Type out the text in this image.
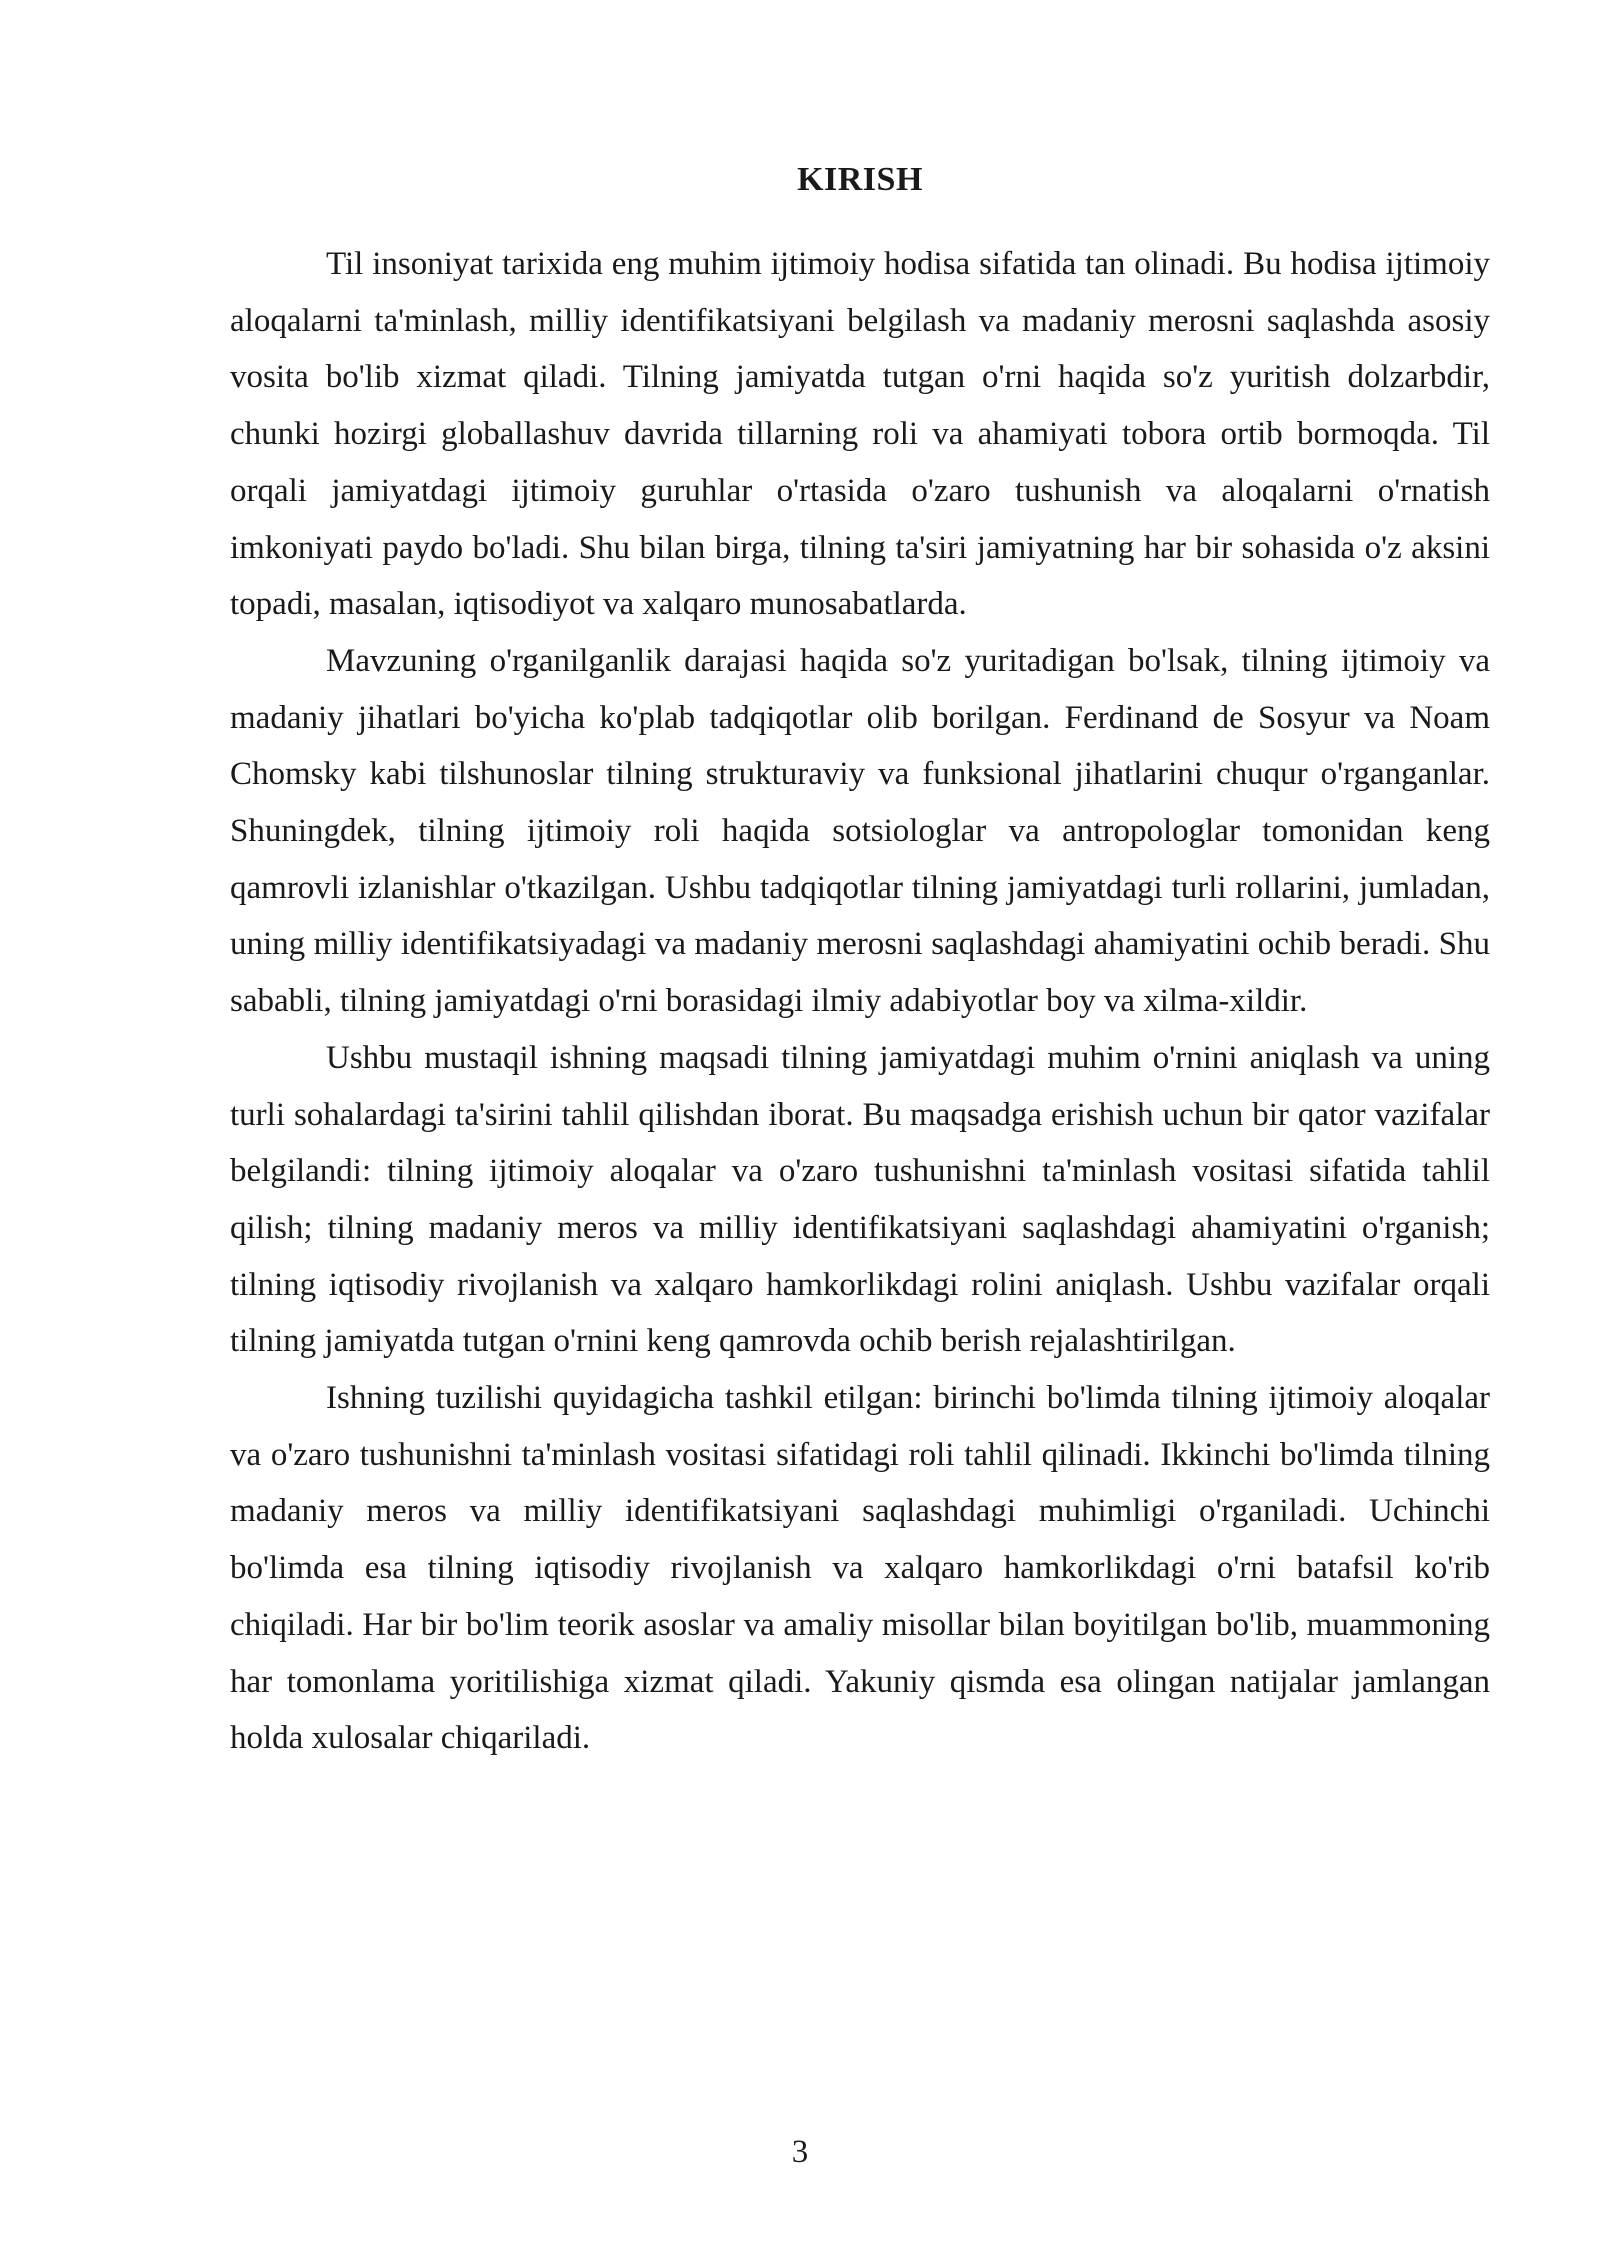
KIRISH

Til insoniyat tarixida eng muhim ijtimoiy hodisa sifatida tan olinadi. Bu hodisa ijtimoiy aloqalarni ta'minlash, milliy identifikatsiyani belgilash va madaniy merosni saqlashda asosiy vosita bo'lib xizmat qiladi. Tilning jamiyatda tutgan o'rni haqida so'z yuritish dolzarbdir, chunki hozirgi globallashuv davrida tillarning roli va ahamiyati tobora ortib bormoqda. Til orqali jamiyatdagi ijtimoiy guruhlar o'rtasida o'zaro tushunish va aloqalarni o'rnatish imkoniyati paydo bo'ladi. Shu bilan birga, tilning ta'siri jamiyatning har bir sohasida o'z aksini topadi, masalan, iqtisodiyot va xalqaro munosabatlarda.

Mavzuning o'rganilganlik darajasi haqida so'z yuritadigan bo'lsak, tilning ijtimoiy va madaniy jihatlari bo'yicha ko'plab tadqiqotlar olib borilgan. Ferdinand de Sosyur va Noam Chomsky kabi tilshunoslar tilning strukturaviy va funksional jihatlarini chuqur o'rganganlar. Shuningdek, tilning ijtimoiy roli haqida sotsiologlar va antropologlar tomonidan keng qamrovli izlanishlar o'tkazilgan. Ushbu tadqiqotlar tilning jamiyatdagi turli rollarini, jumladan, uning milliy identifikatsiyadagi va madaniy merosni saqlashdagi ahamiyatini ochib beradi. Shu sababli, tilning jamiyatdagi o'rni borasidagi ilmiy adabiyotlar boy va xilma-xildir.

Ushbu mustaqil ishning maqsadi tilning jamiyatdagi muhim o'rnini aniqlash va uning turli sohalardagi ta'sirini tahlil qilishdan iborat. Bu maqsadga erishish uchun bir qator vazifalar belgilandi: tilning ijtimoiy aloqalar va o'zaro tushunishni ta'minlash vositasi sifatida tahlil qilish; tilning madaniy meros va milliy identifikatsiyani saqlashdagi ahamiyatini o'rganish; tilning iqtisodiy rivojlanish va xalqaro hamkorlikdagi rolini aniqlash. Ushbu vazifalar orqali tilning jamiyatda tutgan o'rnini keng qamrovda ochib berish rejalashtirilgan.

Ishning tuzilishi quyidagicha tashkil etilgan: birinchi bo'limda tilning ijtimoiy aloqalar va o'zaro tushunishni ta'minlash vositasi sifatidagi roli tahlil qilinadi. Ikkinchi bo'limda tilning madaniy meros va milliy identifikatsiyani saqlashdagi muhimligi o'rganiladi. Uchinchi bo'limda esa tilning iqtisodiy rivojlanish va xalqaro hamkorlikdagi o'rni batafsil ko'rib chiqiladi. Har bir bo'lim teorik asoslar va amaliy misollar bilan boyitilgan bo'lib, muammoning har tomonlama yoritilishiga xizmat qiladi. Yakuniy qismda esa olingan natijalar jamlangan holda xulosalar chiqariladi.

3
